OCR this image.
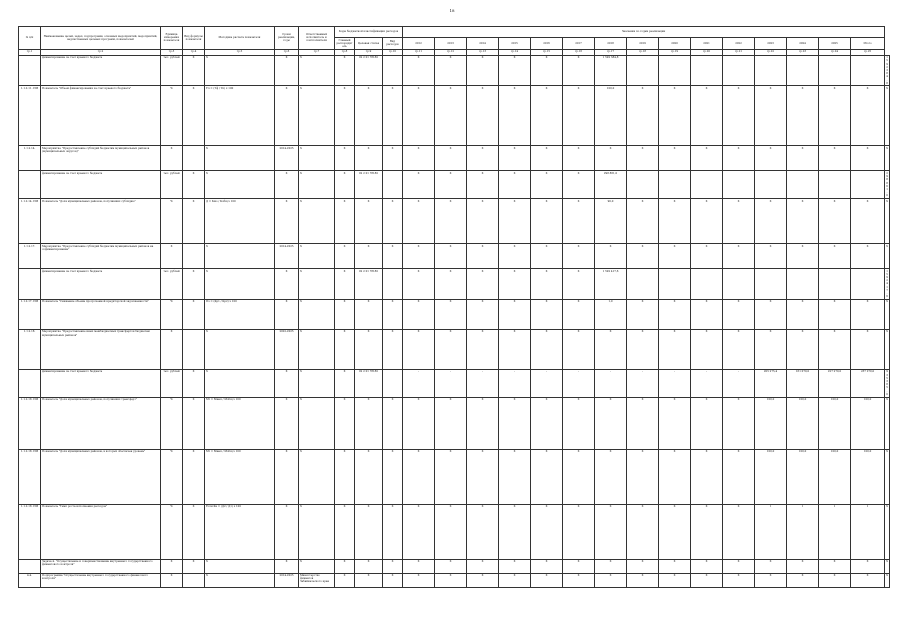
18
№ п/п	Наименование целей, задач, подпрограмм, основных мероприятий, мероприятий, ведомственных целевых программ, показателей	Единица измерения показателя	Вид формулы показателя	Методика расчета показателя	Сроки реализации, годы	Ответственный исполнитель и соисполнители	Коды бюджетной классификации расходов			Значения по годам реализации															
							Главный распорядитель	Целевая статья	Вид расходов	2012	2013	2014	2015	2016	2017	2018	2019	2020	2021	2022	2023	2024	2025	Итого	
гр.1	гр.2	гр.3	гр.4	гр.5	гр.6	гр.7	гр.8	гр.9	гр.10	гр.11	гр.12	гр.13	гр.14	гр.15	гр.16	гр.17	гр.18	гр.19	гр.20	гр.21	гр.22	гр.23	гр.24	гр.25	
	финансирование за счет краевого бюджета	тыс. рублей	X	X	X	X	X	02 2 01 78180		X	X	X	X	X	X	1 592 384,8									1 592 384,8
1.1.2.11. ПМ	Показатель "Объем финансирования за счет краевого бюджета"	%	X	Уч = (Тф / Тп) х 100	X	X	X	X	X	X	X	X	X	X	X	100,0	X	X	X	X	X	X	X	X	X
1.1.2.14.	Мероприятие "Предоставление субсидий бюджетам муниципальных районов (муниципальных округов)"	X		X	2014-2025	X	X	X	X	X	X	X	X	X	X	X	X	X	X	X	X	X	X	X	X
	финансирование за счет краевого бюджета	тыс. рублей	X	X	X	X	X	02 2 01 78180		X	X	X	X	X	X	298 861,0									298 861,0
1.1.2.14. ПМ	Показатель "Доля муниципальных районов, получивших субсидию"	%	X	Д = Кмо / Кобщ х 100	X	X	X	X	X	X	X	X	X	X	X	90,0	X	X	X	X	X	X	X	X	X
1.1.2.17.	Мероприятие "Предоставление субсидий бюджетам муниципальных районов на софинансирование"	X		X	2014-2025	X	X	X	X	X	X	X	X	X	X	X	X	X	X	X	X	X	X	X	X
	финансирование за счет краевого бюджета	тыс. рублей	X	X	X	X	X	02 2 01 78180		X	X	X	X	X	X	1 592 417,6									1 592 417,6
1.1.2.17. ПМ	Показатель "Снижение объема просроченной кредиторской задолженности"	%	X	Пз = (Кр1 / Кр2) х 100	X	X	X	X	X	X	X	X	X	X	X	1,0	X	X	X	X	X	X	X	X	X
1.1.2.18.	Мероприятие "Предоставление иных межбюджетных трансфертов бюджетам муниципальных районов"	X		X	2022-2025	X	X	X	X	X	X	X	X	X	X	X	X	X	X	X	X	X	X	X	X
	финансирование за счет краевого бюджета	тыс. рублей	X	X	X	X	X	02 2 01 78180		-	-	-	-	-	-	-	-	-	-	-	205 275,4	161 070,0	227 270,0	237 270,0	935 385,0
1.1.2.18. ПМ	Показатель "Доля муниципальных районов, получивших трансферт"	%	X	Мт = Мвып / Мобщ х 100	X	X	X	X	X	X	X	X	X	X	X	X	X	X	X	X	100,0	100,0	100,0	100,0	X
1.1.2.18. ПМ	Показатель "Доля муниципальных районов, в которых обеспечен уровень"	%	X	Мт = Мвып / Мобщ х 100	X	X	X	X	X	X	X	X	X	X	X	X	X	X	X	X	100,0	100,0	100,0	100,0	X
1.1.2.18. ПМ	Показатель "Темп роста исполнения расходов"	%	X	Если Кв = (Д2 / Д1) х 100	X	X	X	X	X	X	X	X	X	X	X	X	X	X	X	X	1	1	1	1	X
	Задача 4. "Осуществление и совершенствование внутреннего государственного финансового контроля"	X	X	X	X	X	X	X	X	X	X	X	X	X	X	X	X	X	X	X	X	X	X	X	X
4.4.	Подпрограмма "Осуществление внутреннего государственного финансового контроля"	X		X	2014-2025	Министерство финансов Забайкальского края	X	X	X	X	X	X	X	X	X	X	X	X	X	X	X	X	X	X	X
